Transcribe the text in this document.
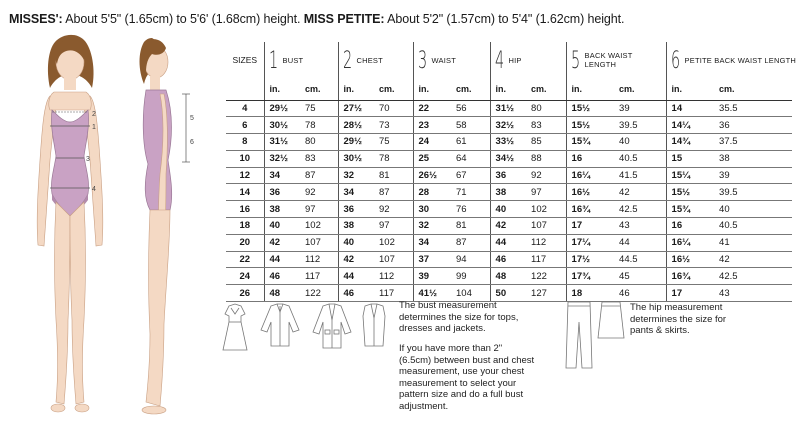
MISSES': About 5'5" (1.65cm) to 5'6' (1.68cm) height. MISS PETITE: About 5'2" (1.57cm) to 5'4" (1.62cm) height.
1
2
3
4
5
6
SIZES	1 BUST		2 CHEST		3 WAIST		4 HIP		5 BACK WAIST LENGTH		6 PETITE BACK WAIST LENGTH	
	in.	cm.	in.	cm.	in.	cm.	in.	cm.	in.	cm.	in.	cm.
4	29½	75	27½	70	22	56	31½	80	15½	39	14	35.5
6	30½	78	28½	73	23	58	32½	83	15½	39.5	14¼	36
8	31½	80	29½	75	24	61	33½	85	15¾	40	14¾	37.5
10	32½	83	30½	78	25	64	34½	88	16	40.5	15	38
12	34	87	32	81	26½	67	36	92	16¼	41.5	15¼	39
14	36	92	34	87	28	71	38	97	16½	42	15½	39.5
16	38	97	36	92	30	76	40	102	16¾	42.5	15¾	40
18	40	102	38	97	32	81	42	107	17	43	16	40.5
20	42	107	40	102	34	87	44	112	17¼	44	16¼	41
22	44	112	42	107	37	94	46	117	17½	44.5	16½	42
24	46	117	44	112	39	99	48	122	17¾	45	16¾	42.5
26	48	122	46	117	41½	104	50	127	18	46	17	43
The bust measurement
determines the size for tops,
dresses and jackets.
If you have more than 2"
(6.5cm) between bust and chest
measurement, use your chest
measurement to select your
pattern size and do a full bust
adjustment.
The hip measurement
determines the size for
pants & skirts.
